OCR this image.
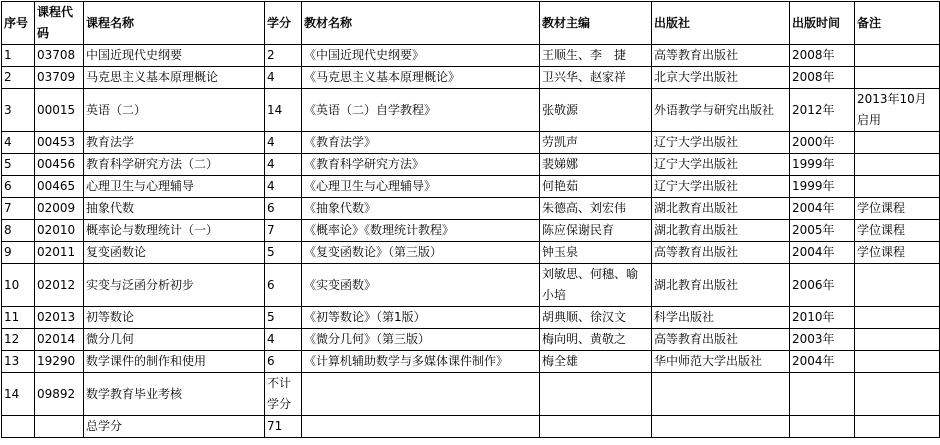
序号	课程代码	课程名称	学分	教材名称	教材主编	出版社	出版时间	备注
1	03708	中国近现代史纲要	2	《中国近现代史纲要》	王顺生、李　捷	高等教育出版社	2008年	
2	03709	马克思主义基本原理概论	4	《马克思主义基本原理概论》	卫兴华、赵家祥	北京大学出版社	2008年	
3	00015	英语（二）	14	《英语（二）自学教程》	张敬源	外语教学与研究出版社	2012年	2013年10月启用
4	00453	教育法学	4	《教育法学》	劳凯声	辽宁大学出版社	2000年	
5	00456	教育科学研究方法（二）	4	《教育科学研究方法》	裴娣娜	辽宁大学出版社	1999年	
6	00465	心理卫生与心理辅导	4	《心理卫生与心理辅导》	何艳茹	辽宁大学出版社	1999年	
7	02009	抽象代数	6	《抽象代数》	朱德高、刘宏伟	湖北教育出版社	2004年	学位课程
8	02010	概率论与数理统计（一）	7	《概率论》《数理统计教程》	陈应保谢民育	湖北教育出版社	2005年	学位课程
9	02011	复变函数论	5	《复变函数论》（第三版）	钟玉泉	高等教育出版社	2004年	学位课程
10	02012	实变与泛函分析初步	6	《实变函数》	刘敏思、何穗、喻小培	湖北教育出版社	2006年	
11	02013	初等数论	5	《初等数论》（第1版）	胡典顺、徐汉文	科学出版社	2010年	
12	02014	微分几何	4	《微分几何》（第三版）	梅向明、黄敬之	高等教育出版社	2003年	
13	19290	数学课件的制作和使用	6	《计算机辅助数学与多媒体课件制作》	梅全雄	华中师范大学出版社	2004年	
14	09892	数学教育毕业考核	不计学分					
		总学分	71					
